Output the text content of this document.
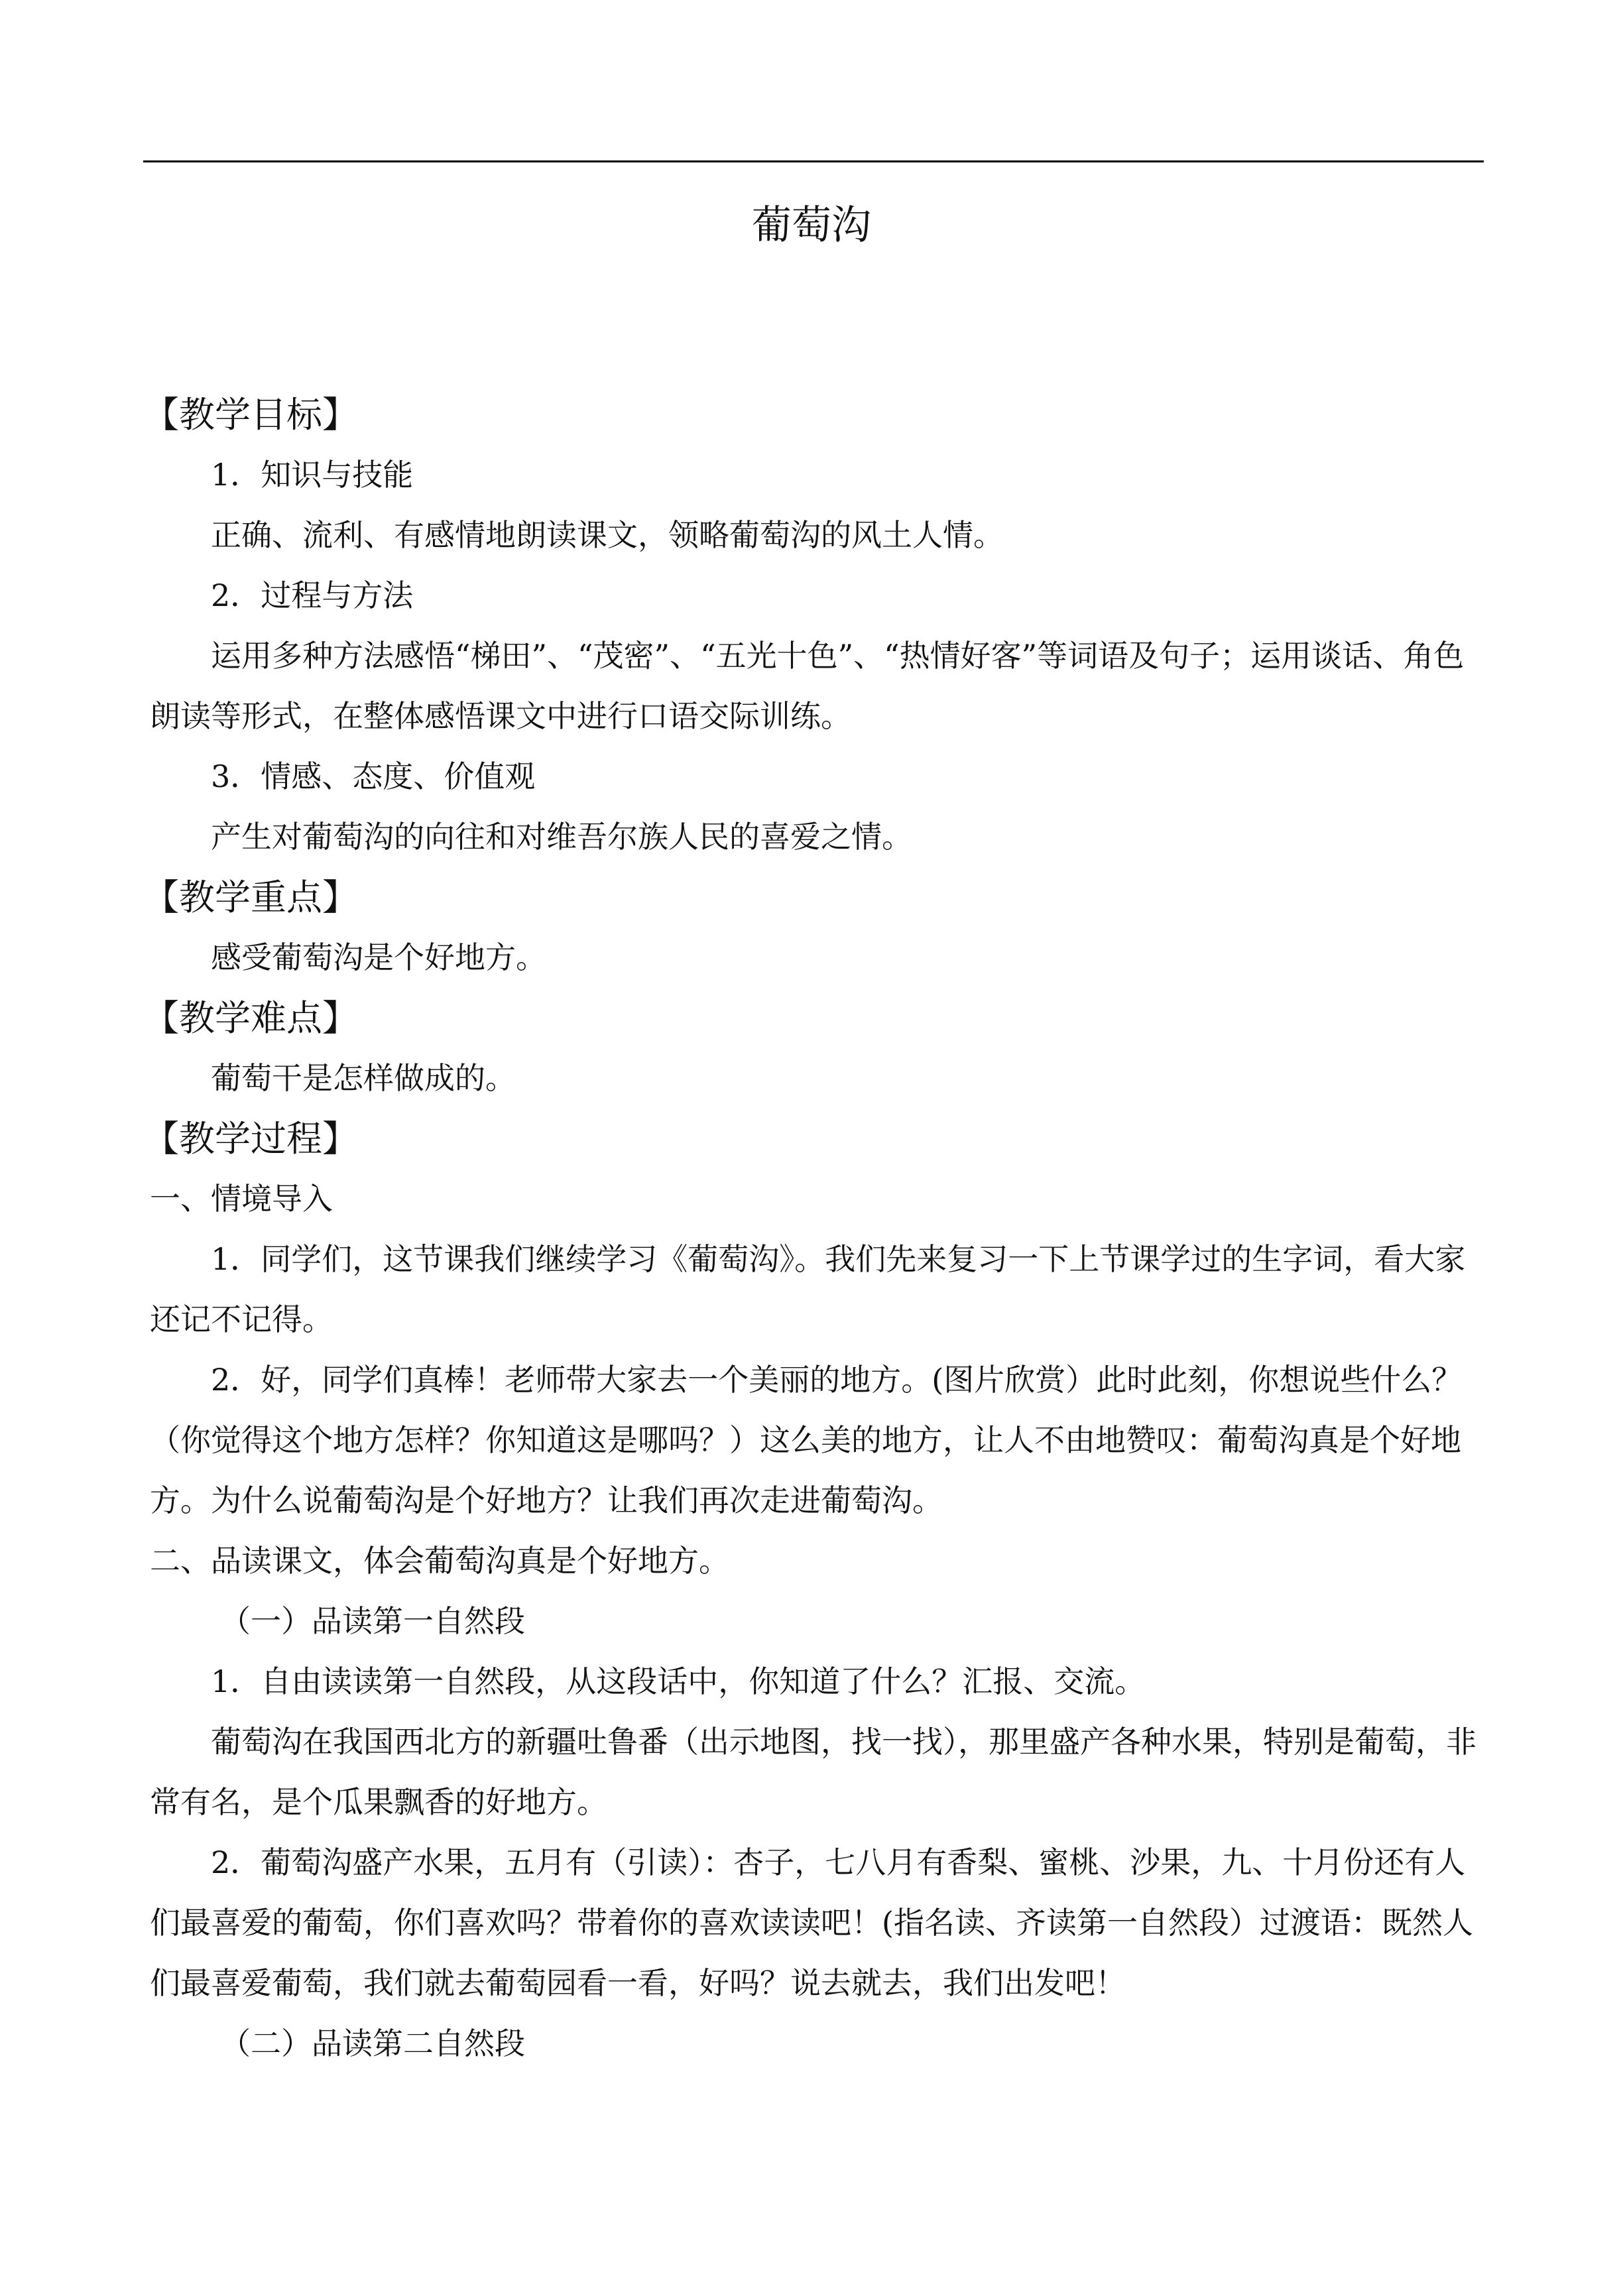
葡萄沟

【教学目标】

1．知识与技能

正确、流利、有感情地朗读课文，领略葡萄沟的风土人情。

2．过程与方法

运用多种方法感悟“梯田”、“茂密”、“五光十色”、“热情好客”等词语及句子；运用谈话、角色朗读等形式，在整体感悟课文中进行口语交际训练。

3．情感、态度、价值观

产生对葡萄沟的向往和对维吾尔族人民的喜爱之情。

【教学重点】

感受葡萄沟是个好地方。

【教学难点】

葡萄干是怎样做成的。

【教学过程】

一、情境导入

1．同学们，这节课我们继续学习《葡萄沟》。我们先来复习一下上节课学过的生字词，看大家还记不记得。

2．好，同学们真棒！老师带大家去一个美丽的地方。(图片欣赏）此时此刻，你想说些什么？（你觉得这个地方怎样？你知道这是哪吗？）这么美的地方，让人不由地赞叹：葡萄沟真是个好地方。为什么说葡萄沟是个好地方？让我们再次走进葡萄沟。

二、品读课文，体会葡萄沟真是个好地方。

（一）品读第一自然段

1．自由读读第一自然段，从这段话中，你知道了什么？汇报、交流。

葡萄沟在我国西北方的新疆吐鲁番（出示地图，找一找），那里盛产各种水果，特别是葡萄，非常有名，是个瓜果飘香的好地方。

2．葡萄沟盛产水果，五月有（引读）：杏子，七八月有香梨、蜜桃、沙果，九、十月份还有人们最喜爱的葡萄，你们喜欢吗？带着你的喜欢读读吧！(指名读、齐读第一自然段）过渡语：既然人们最喜爱葡萄，我们就去葡萄园看一看，好吗？说去就去，我们出发吧！

（二）品读第二自然段
